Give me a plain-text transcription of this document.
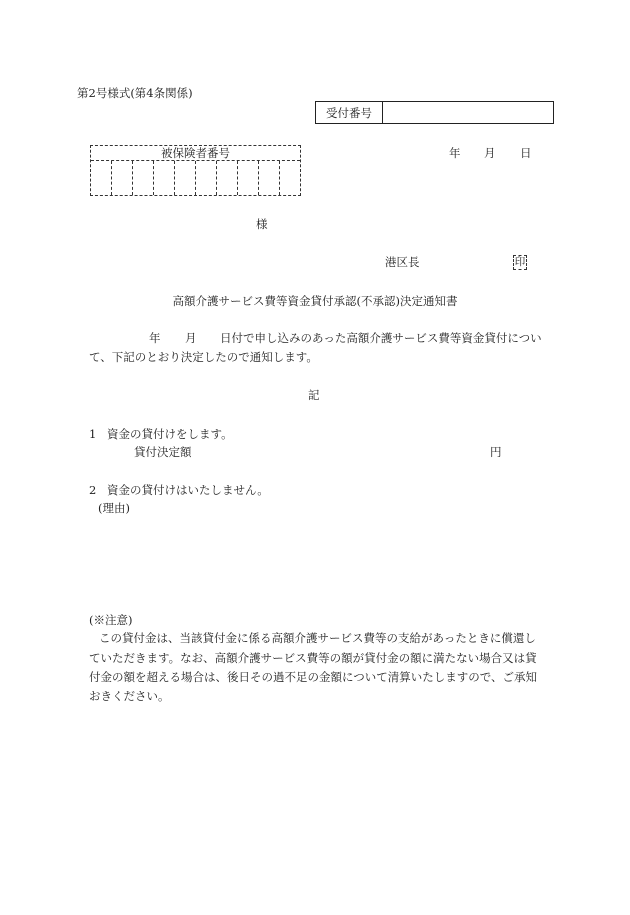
第2号様式(第4条関係)
受付番号
被保険者番号	年 月 日
様
港区長	印
高額介護サービス費等資金貸付承認(不承認)決定通知書
年 月 日付で申し込みのあった高額介護サービス費等資金貸付につい
て、下記のとおり決定したので通知します。
記
1 資金の貸付けをします。
貸付決定額	円
2 資金の貸付けはいたしません。
(理由)
(※注意)
この貸付金は、当該貸付金に係る高額介護サービス費等の支給があったときに償還し
ていただきます。なお、高額介護サービス費等の額が貸付金の額に満たない場合又は貸
付金の額を超える場合は、後日その過不足の金額について清算いたしますので、ご承知
おきください。
